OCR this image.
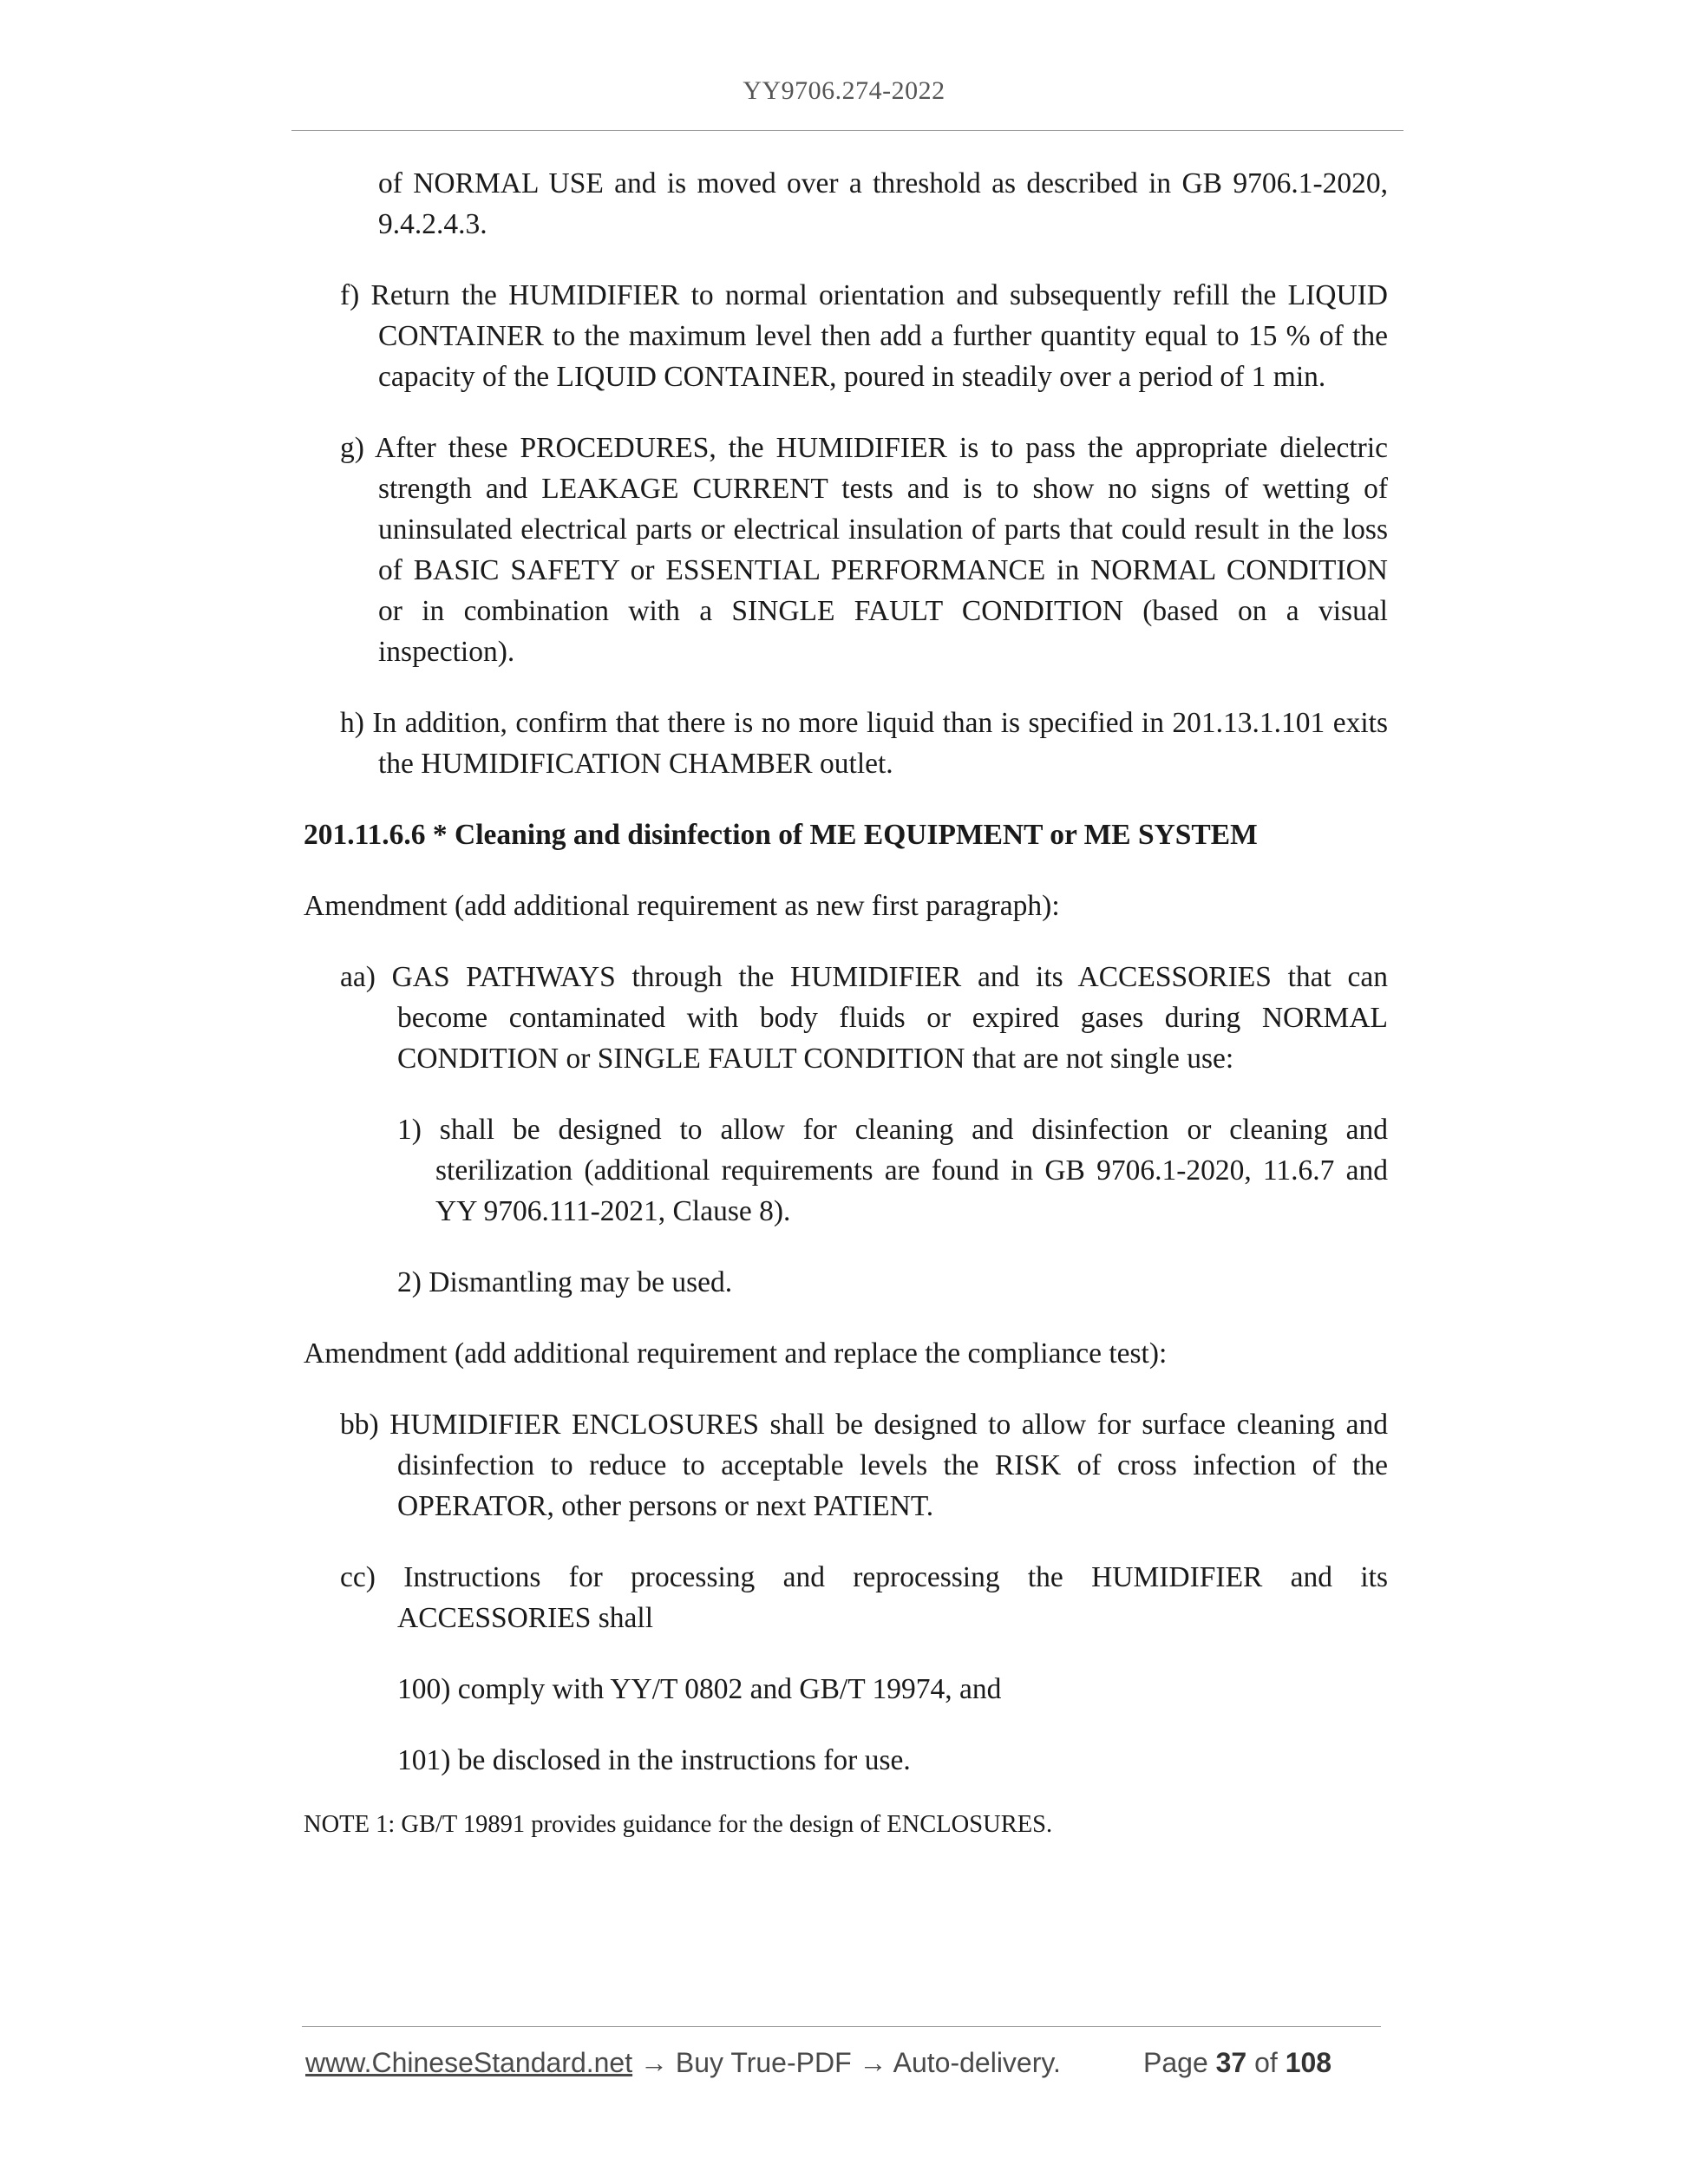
YY9706.274-2022

of NORMAL USE and is moved over a threshold as described in GB 9706.1-2020, 9.4.2.4.3.

f) Return the HUMIDIFIER to normal orientation and subsequently refill the LIQUID CONTAINER to the maximum level then add a further quantity equal to 15 % of the capacity of the LIQUID CONTAINER, poured in steadily over a period of 1 min.

g) After these PROCEDURES, the HUMIDIFIER is to pass the appropriate dielectric strength and LEAKAGE CURRENT tests and is to show no signs of wetting of uninsulated electrical parts or electrical insulation of parts that could result in the loss of BASIC SAFETY or ESSENTIAL PERFORMANCE in NORMAL CONDITION or in combination with a SINGLE FAULT CONDITION (based on a visual inspection).

h) In addition, confirm that there is no more liquid than is specified in 201.13.1.101 exits the HUMIDIFICATION CHAMBER outlet.

201.11.6.6 * Cleaning and disinfection of ME EQUIPMENT or ME SYSTEM

Amendment (add additional requirement as new first paragraph):

aa) GAS PATHWAYS through the HUMIDIFIER and its ACCESSORIES that can become contaminated with body fluids or expired gases during NORMAL CONDITION or SINGLE FAULT CONDITION that are not single use:

1) shall be designed to allow for cleaning and disinfection or cleaning and sterilization (additional requirements are found in GB 9706.1-2020, 11.6.7 and YY 9706.111-2021, Clause 8).

2) Dismantling may be used.

Amendment (add additional requirement and replace the compliance test):

bb) HUMIDIFIER ENCLOSURES shall be designed to allow for surface cleaning and disinfection to reduce to acceptable levels the RISK of cross infection of the OPERATOR, other persons or next PATIENT.

cc) Instructions for processing and reprocessing the HUMIDIFIER and its ACCESSORIES shall

100) comply with YY/T 0802 and GB/T 19974, and

101) be disclosed in the instructions for use.

NOTE 1: GB/T 19891 provides guidance for the design of ENCLOSURES.

www.ChineseStandard.net → Buy True-PDF → Auto-delivery.	Page 37 of 108
